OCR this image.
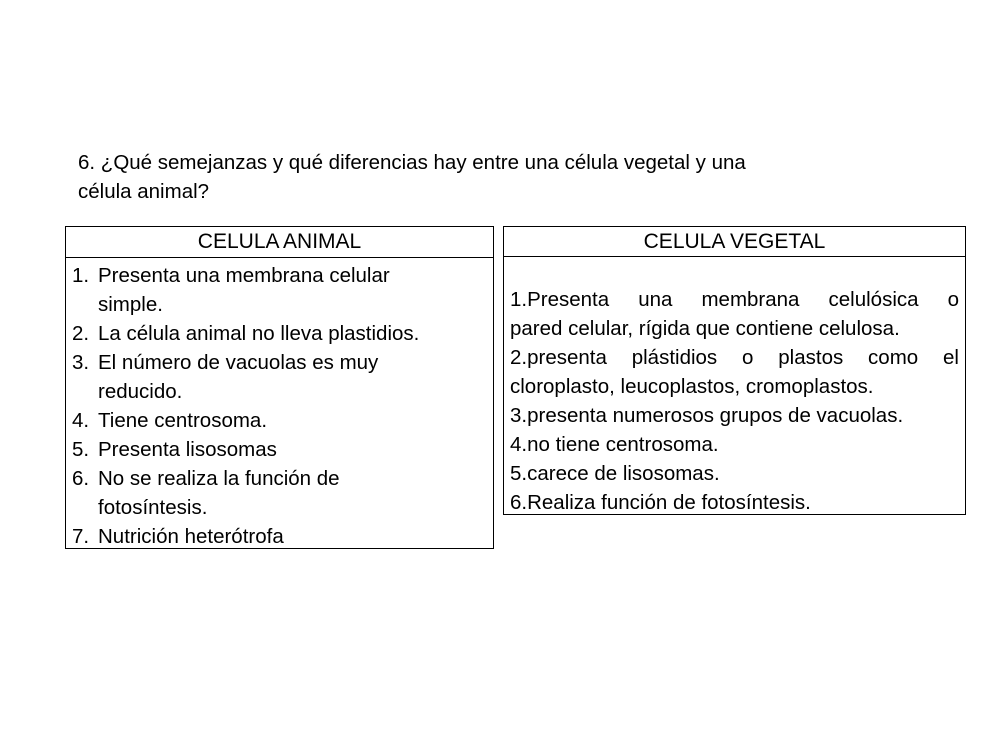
6. ¿Qué semejanzas y qué diferencias hay entre una célula vegetal y una
célula animal?
CELULA ANIMAL
1. Presenta una membrana celular
simple.
2. La célula animal no lleva plastidios.
3. El número de vacuolas es muy
reducido.
4. Tiene centrosoma.
5. Presenta lisosomas
6. No se realiza la función de
fotosíntesis.
7. Nutrición heterótrofa
CELULA VEGETAL
1.Presenta una membrana celulósica o
pared celular, rígida que contiene celulosa.
2.presenta plástidios o plastos como el
cloroplasto, leucoplastos, cromoplastos.
3.presenta numerosos grupos de vacuolas.
4.no tiene centrosoma.
5.carece de lisosomas.
6.Realiza función de fotosíntesis.
